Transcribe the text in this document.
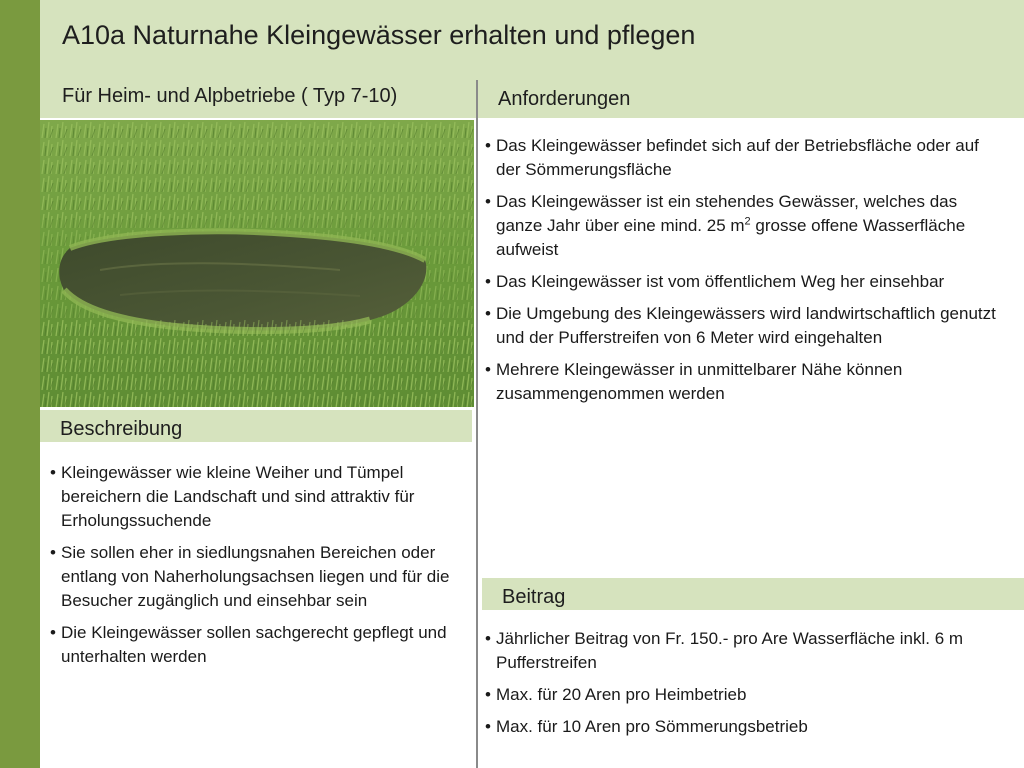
A10a Naturnahe Kleingewässer erhalten und pflegen
Für Heim- und Alpbetriebe ( Typ 7-10)	Anforderungen
• Das Kleingewässer befindet sich auf der Betriebsfläche oder auf der Sömmerungsfläche
• Das Kleingewässer ist ein stehendes Gewässer, welches das ganze Jahr über eine mind. 25 $m^2$ grosse offene Wasserfläche aufweist
• Das Kleingewässer ist vom öffentlichem Weg her einsehbar
• Die Umgebung des Kleingewässers wird landwirtschaftlich genutzt und der Pufferstreifen von 6 Meter wird eingehalten
• Mehrere Kleingewässer in unmittelbarer Nähe können zusammengenommen werden
Beschreibung
• Kleingewässer wie kleine Weiher und Tümpel bereichern die Landschaft und sind attraktiv für Erholungssuchende
• Sie sollen eher in siedlungsnahen Bereichen oder entlang von Naherholungsachsen liegen und für die Besucher zugänglich und einsehbar sein
• Die Kleingewässer sollen sachgerecht gepflegt und unterhalten werden
Beitrag
• Jährlicher Beitrag von Fr. 150.- pro Are Wasserfläche inkl. 6 m Pufferstreifen
• Max. für 20 Aren pro Heimbetrieb
• Max. für 10 Aren pro Sömmerungsbetrieb
